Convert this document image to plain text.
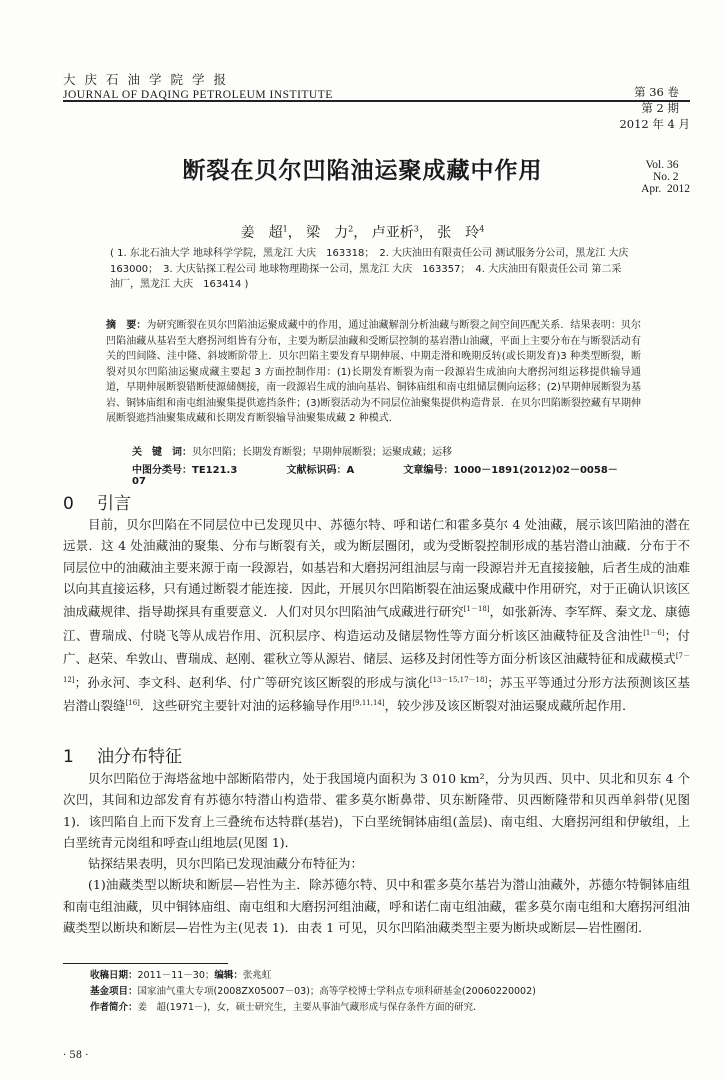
大庆石油学院学报
JOURNAL OF DAQING PETROLEUM INSTITUTE	第 36 卷
第 2 期
2012 年 4 月

Vol. 36
No. 2
Apr.  2012

断裂在贝尔凹陷油运聚成藏中作用
姜　超$^1$， 梁　力$^2$， 卢亚析$^3$， 张　玲$^4$
( 1. 东北石油大学 地球科学学院，黑龙江 大庆　163318；　2. 大庆油田有限责任公司 测试服务分公司，黑龙江 大庆 163000；　3. 大庆钻探工程公司 地球物理勘探一公司，黑龙江 大庆　163357；　4. 大庆油田有限责任公司 第二采油厂，黑龙江 大庆　163414 )
摘　要：为研究断裂在贝尔凹陷油运聚成藏中的作用，通过油藏解剖分析油藏与断裂之间空间匹配关系．结果表明：贝尔凹陷油藏从基岩至大磨拐河组皆有分布，主要为断层油藏和受断层控制的基岩潜山油藏，平面上主要分布在与断裂活动有关的凹间隆、洼中隆、斜坡断阶带上．贝尔凹陷主要发育早期伸展、中期走滑和晚期反转(或长期发育)3 种类型断裂，断裂对贝尔凹陷油运聚成藏主要起 3 方面控制作用：(1)长期发育断裂为南一段源岩生成油向大磨拐河组运移提供输导通道，早期伸展断裂错断使源储侧接，南一段源岩生成的油向基岩、铜钵庙组和南屯组储层侧向运移；(2)早期伸展断裂为基岩、铜钵庙组和南屯组油聚集提供遮挡条件；(3)断裂活动为不同层位油聚集提供构造背景．在贝尔凹陷断裂控藏有早期伸展断裂遮挡油聚集成藏和长期发育断裂输导油聚集成藏 2 种模式．
关　键　词：贝尔凹陷；长期发育断裂；早期伸展断裂；运聚成藏；运移
中图分类号：TE121.3	文献标识码：A	文章编号：1000－1891(2012)02－0058－07
0 引言

目前，贝尔凹陷在不同层位中已发现贝中、苏德尔特、呼和诺仁和霍多莫尔 4 处油藏，展示该凹陷油的潜在远景．这 4 处油藏油的聚集、分布与断裂有关，或为断层圈闭，或为受断裂控制形成的基岩潜山油藏．分布于不同层位中的油藏油主要来源于南一段源岩，如基岩和大磨拐河组油层与南一段源岩并无直接接触，后者生成的油难以向其直接运移，只有通过断裂才能连接．因此，开展贝尔凹陷断裂在油运聚成藏中作用研究，对于正确认识该区油成藏规律、指导勘探具有重要意义．人们对贝尔凹陷油气成藏进行研究[1－18]，如张新涛、李军辉、秦文龙、康德江、曹瑞成、付晓飞等从成岩作用、沉积层序、构造运动及储层物性等方面分析该区油藏特征及含油性[1－6]；付广、赵荣、牟敦山、曹瑞成、赵刚、霍秋立等从源岩、储层、运移及封闭性等方面分析该区油藏特征和成藏模式[7－12]；孙永河、李文科、赵利华、付广等研究该区断裂的形成与演化[13－15,17－18]；苏玉平等通过分形方法预测该区基岩潜山裂缝[16]．这些研究主要针对油的运移输导作用[9,11,14]，较少涉及该区断裂对油运聚成藏所起作用．

1 油分布特征

贝尔凹陷位于海塔盆地中部断陷带内，处于我国境内面积为 3 010 km²，分为贝西、贝中、贝北和贝东 4 个次凹，其间和边部发育有苏德尔特潜山构造带、霍多莫尔断鼻带、贝东断隆带、贝西断隆带和贝西单斜带(见图 1)．该凹陷自上而下发育上三叠统布达特群(基岩)，下白垩统铜钵庙组(盖层)、南屯组、大磨拐河组和伊敏组，上白垩统青元岗组和呼查山组地层(见图 1)．

钻探结果表明，贝尔凹陷已发现油藏分布特征为：

(1)油藏类型以断块和断层—岩性为主．除苏德尔特、贝中和霍多莫尔基岩为潜山油藏外，苏德尔特铜钵庙组和南屯组油藏，贝中铜钵庙组、南屯组和大磨拐河组油藏，呼和诺仁南屯组油藏，霍多莫尔南屯组和大磨拐河组油藏类型以断块和断层—岩性为主(见表 1)．由表 1 可见，贝尔凹陷油藏类型主要为断块或断层—岩性圈闭．

收稿日期：2011－11－30；编辑：张兆虹
基金项目：国家油气重大专项(2008ZX05007－03)；高等学校博士学科点专项科研基金(20060220002)
作者简介：姜　超(1971－)，女，硕士研究生，主要从事油气藏形成与保存条件方面的研究．
· 58 ·
